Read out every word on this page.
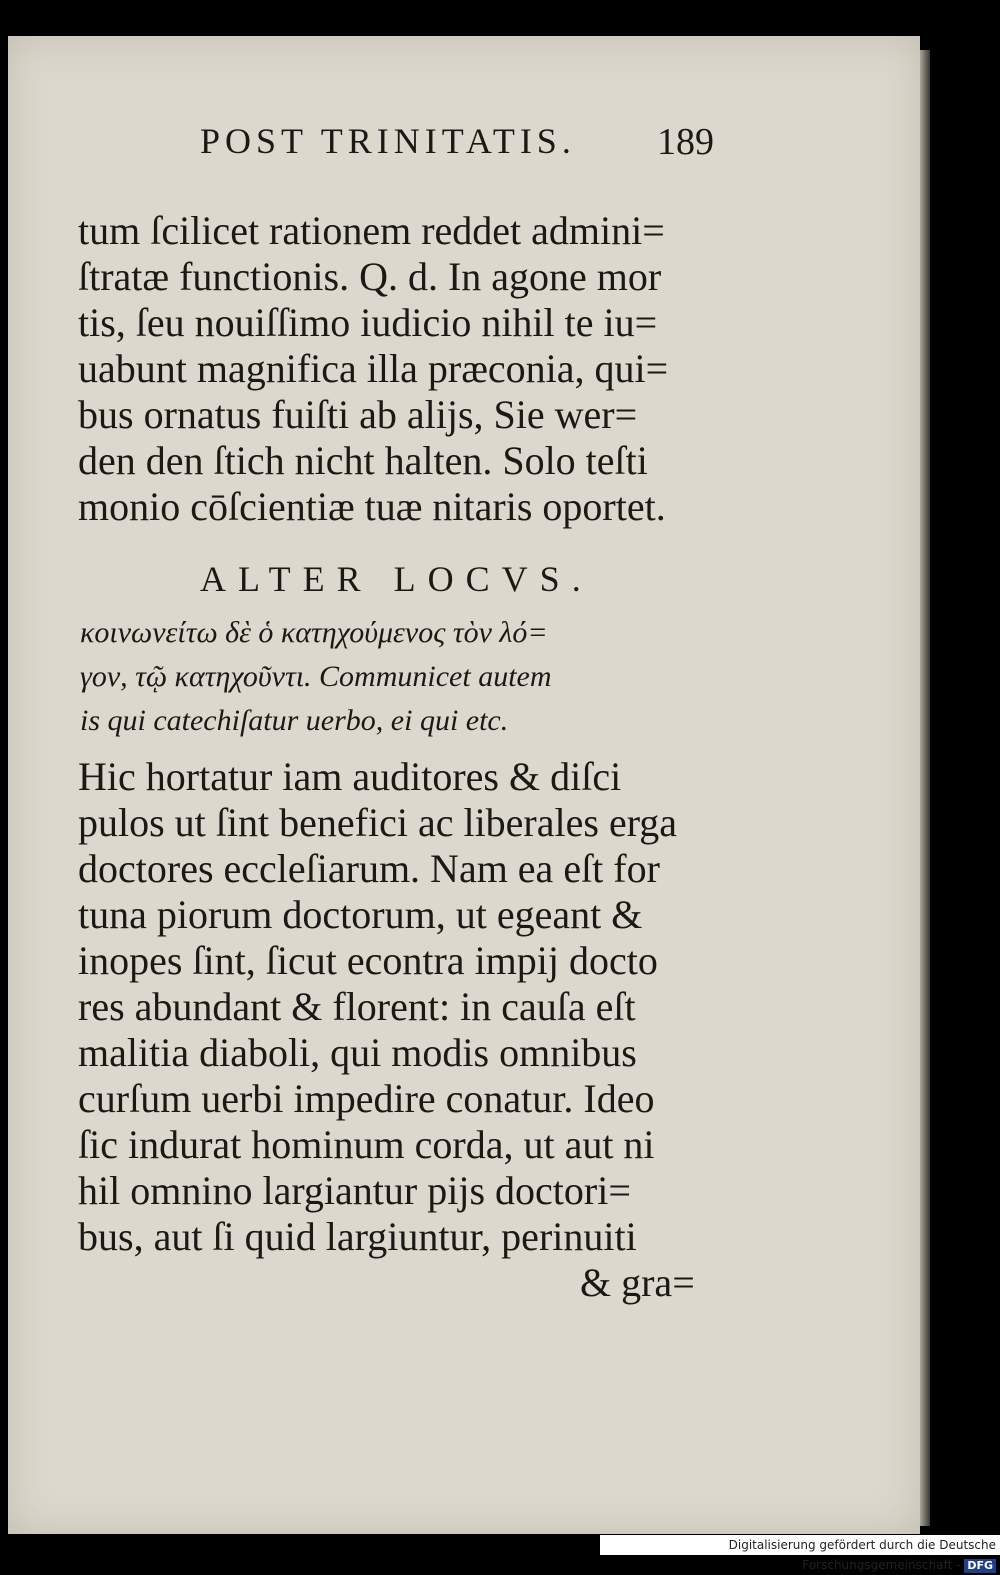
POST TRINITATIS. 189
tum ſcilicet rationem reddet admini=
ſtratæ functionis. Q. d. In agone mor
tis, ſeu nouiſſimo iudicio nihil te iu=
uabunt magnifica illa præconia, qui=
bus ornatus fuiſti ab alijs, Sie wer=
den den ſtich nicht halten. Solo teſti
monio cōſcientiæ tuæ nitaris oportet.
ALTER LOCVS.
κοινωνείτω δὲ ὁ κατηχούμενος τὸν λό=
γον, τῷ κατηχοῦντι. Communicet autem
is qui catechiſatur uerbo, ei qui etc.
Hic hortatur iam auditores & diſci
pulos ut ſint benefici ac liberales erga
doctores eccleſiarum. Nam ea eſt for
tuna piorum doctorum, ut egeant &
inopes ſint, ſicut econtra impij docto
res abundant & florent: in cauſa eſt
malitia diaboli, qui modis omnibus
curſum uerbi impedire conatur. Ideo
ſic indurat hominum corda, ut aut ni
hil omnino largiantur pijs doctori=
bus, aut ſi quid largiuntur, perinuiti
& gra=
Digitalisierung gefördert durch die Deutsche Forschungsgemeinschaft - DFG
